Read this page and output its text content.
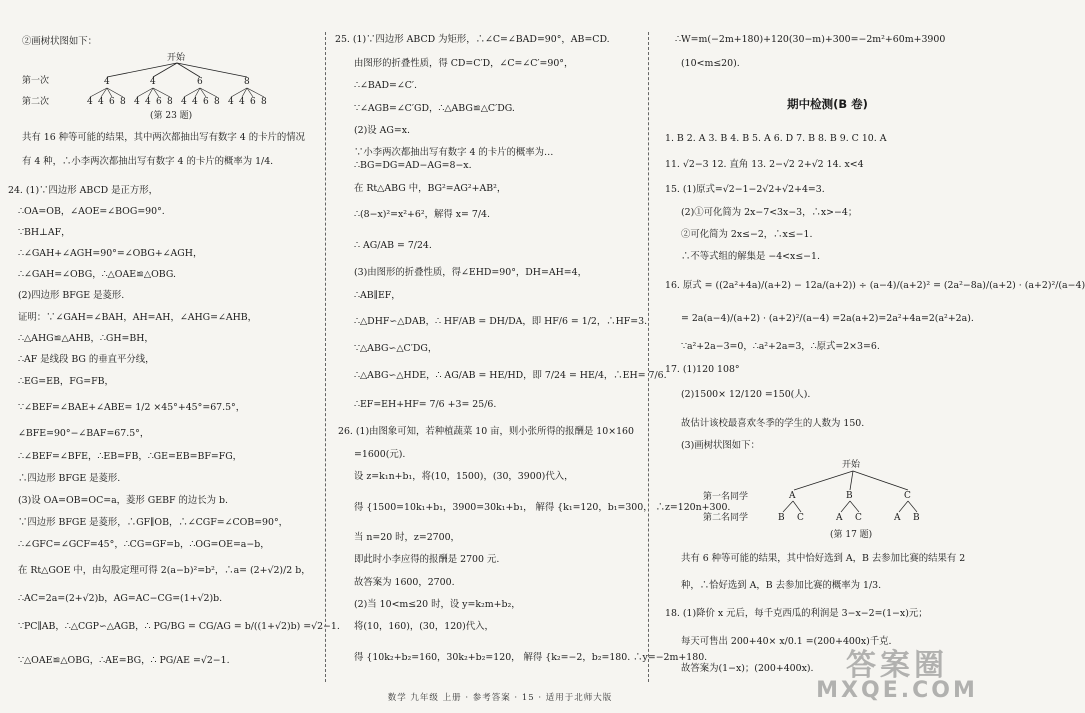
②画树状图如下：
开始
第一次
第二次
4	4	6	8
4 4 6 8 4 4 6 8 4 4 6 8 4 4 6 8
(第 23 题)
共有 16 种等可能的结果，其中两次都抽出写有数字 4 的卡片的情况
有 4 种，∴小李两次都抽出写有数字 4 的卡片的概率为 1/4.
24. (1)∵四边形 ABCD 是正方形，
∴OA=OB，∠AOE=∠BOG=90°.
∵BH⊥AF，
∴∠GAH+∠AGH=90°=∠OBG+∠AGH，
∴∠GAH=∠OBG，∴△OAE≌△OBG.
(2)四边形 BFGE 是菱形.
证明：∵∠GAH=∠BAH，AH=AH，∠AHG=∠AHB，
∴△AHG≌△AHB，∴GH=BH，
∴AF 是线段 BG 的垂直平分线，
∴EG=EB，FG=FB，
∵∠BEF=∠BAE+∠ABE= 1/2 ×45°+45°=67.5°，
∠BFE=90°−∠BAF=67.5°，
∴∠BEF=∠BFE，∴EB=FB，∴GE=EB=BF=FG，
∴四边形 BFGE 是菱形.
(3)设 OA=OB=OC=a，菱形 GEBF 的边长为 b.
∵四边形 BFGE 是菱形，∴GF∥OB，∴∠CGF=∠COB=90°，
∴∠GFC=∠GCF=45°，∴CG=GF=b，∴OG=OE=a−b，
在 Rt△GOE 中，由勾股定理可得 2(a−b)²=b²，∴a= (2+√2)/2 b，
∴AC=2a=(2+√2)b，AG=AC−CG=(1+√2)b.
∵PC∥AB，∴△CGP∽△AGB，∴ PG/BG = CG/AG = b/((1+√2)b) =√2−1.
∵△OAE≌△OBG，∴AE=BG，∴ PG/AE =√2−1.
25. (1)∵四边形 ABCD 为矩形，∴∠C=∠BAD=90°，AB=CD.
由图形的折叠性质，得 CD=C′D，∠C=∠C′=90°，
∴∠BAD=∠C′.
∵∠AGB=∠C′GD，∴△ABG≌△C′DG.
(2)设 AG=x.
∵小李两次都抽出写有数字 4 的卡片的概率为…
∴BG=DG=AD−AG=8−x.
在 Rt△ABG 中，BG²=AG²+AB²，
∴(8−x)²=x²+6²，解得 x= 7/4.
∴ AG/AB = 7/24.
(3)由图形的折叠性质，得∠EHD=90°，DH=AH=4，
∴AB∥EF，
∴△DHF∽△DAB，∴ HF/AB = DH/DA，即 HF/6 = 1/2，∴HF=3.
∵△ABG∽△C′DG，
∴△ABG∽△HDE，∴ AG/AB = HE/HD，即 7/24 = HE/4，∴EH= 7/6.
∴EF=EH+HF= 7/6 +3= 25/6.
26. (1)由图象可知，若种植蔬菜 10 亩，则小张所得的报酬是 10×160
=1600(元).
设 z=k₁n+b₁，将(10，1500)，(30，3900)代入，
得 {1500=10k₁+b₁，3900=30k₁+b₁， 解得 {k₁=120，b₁=300， ∴z=120n+300.
当 n=20 时，z=2700，
即此时小李应得的报酬是 2700 元.
故答案为 1600，2700.
(2)当 10<m≤20 时，设 y=k₂m+b₂，
将(10，160)，(30，120)代入，
得 {10k₂+b₂=160，30k₂+b₂=120， 解得 {k₂=−2，b₂=180. ∴y=−2m+180.
∴W=m(−2m+180)+120(30−m)+300=−2m²+60m+3900
(10<m≤20).
期中检测(B 卷)
1. B 2. A 3. B 4. B 5. A 6. D 7. B 8. B 9. C 10. A
11. √2−3 12. 直角 13. 2−√2 2+√2 14. x<4
15. (1)原式=√2−1−2√2+√2+4=3.
(2)①可化简为 2x−7<3x−3，∴x>−4；
②可化简为 2x≤−2，∴x≤−1.
∴不等式组的解集是 −4<x≤−1.
16. 原式 = ((2a²+4a)/(a+2) − 12a/(a+2)) ÷ (a−4)/(a+2)² = (2a²−8a)/(a+2) · (a+2)²/(a−4)
= 2a(a−4)/(a+2) · (a+2)²/(a−4) =2a(a+2)=2a²+4a=2(a²+2a).
∵a²+2a−3=0，∴a²+2a=3，∴原式=2×3=6.
17. (1)120 108°
(2)1500× 12/120 =150(人).
故估计该校最喜欢冬季的学生的人数为 150.
(3)画树状图如下：
开始
第一名同学
第二名同学
A	B	C
B C	A C	A B
(第 17 题)
共有 6 种等可能的结果，其中恰好选到 A，B 去参加比赛的结果有 2
种，∴恰好选到 A，B 去参加比赛的概率为 1/3.
18. (1)降价 x 元后，每千克西瓜的利润是 3−x−2=(1−x)元；
每天可售出 200+40× x/0.1 =(200+400x)千克.
故答案为(1−x)；(200+400x).
数学 九年级 上册 · 参考答案 · 15 · 适用于北师大版
答案圈
MXQE.COM
